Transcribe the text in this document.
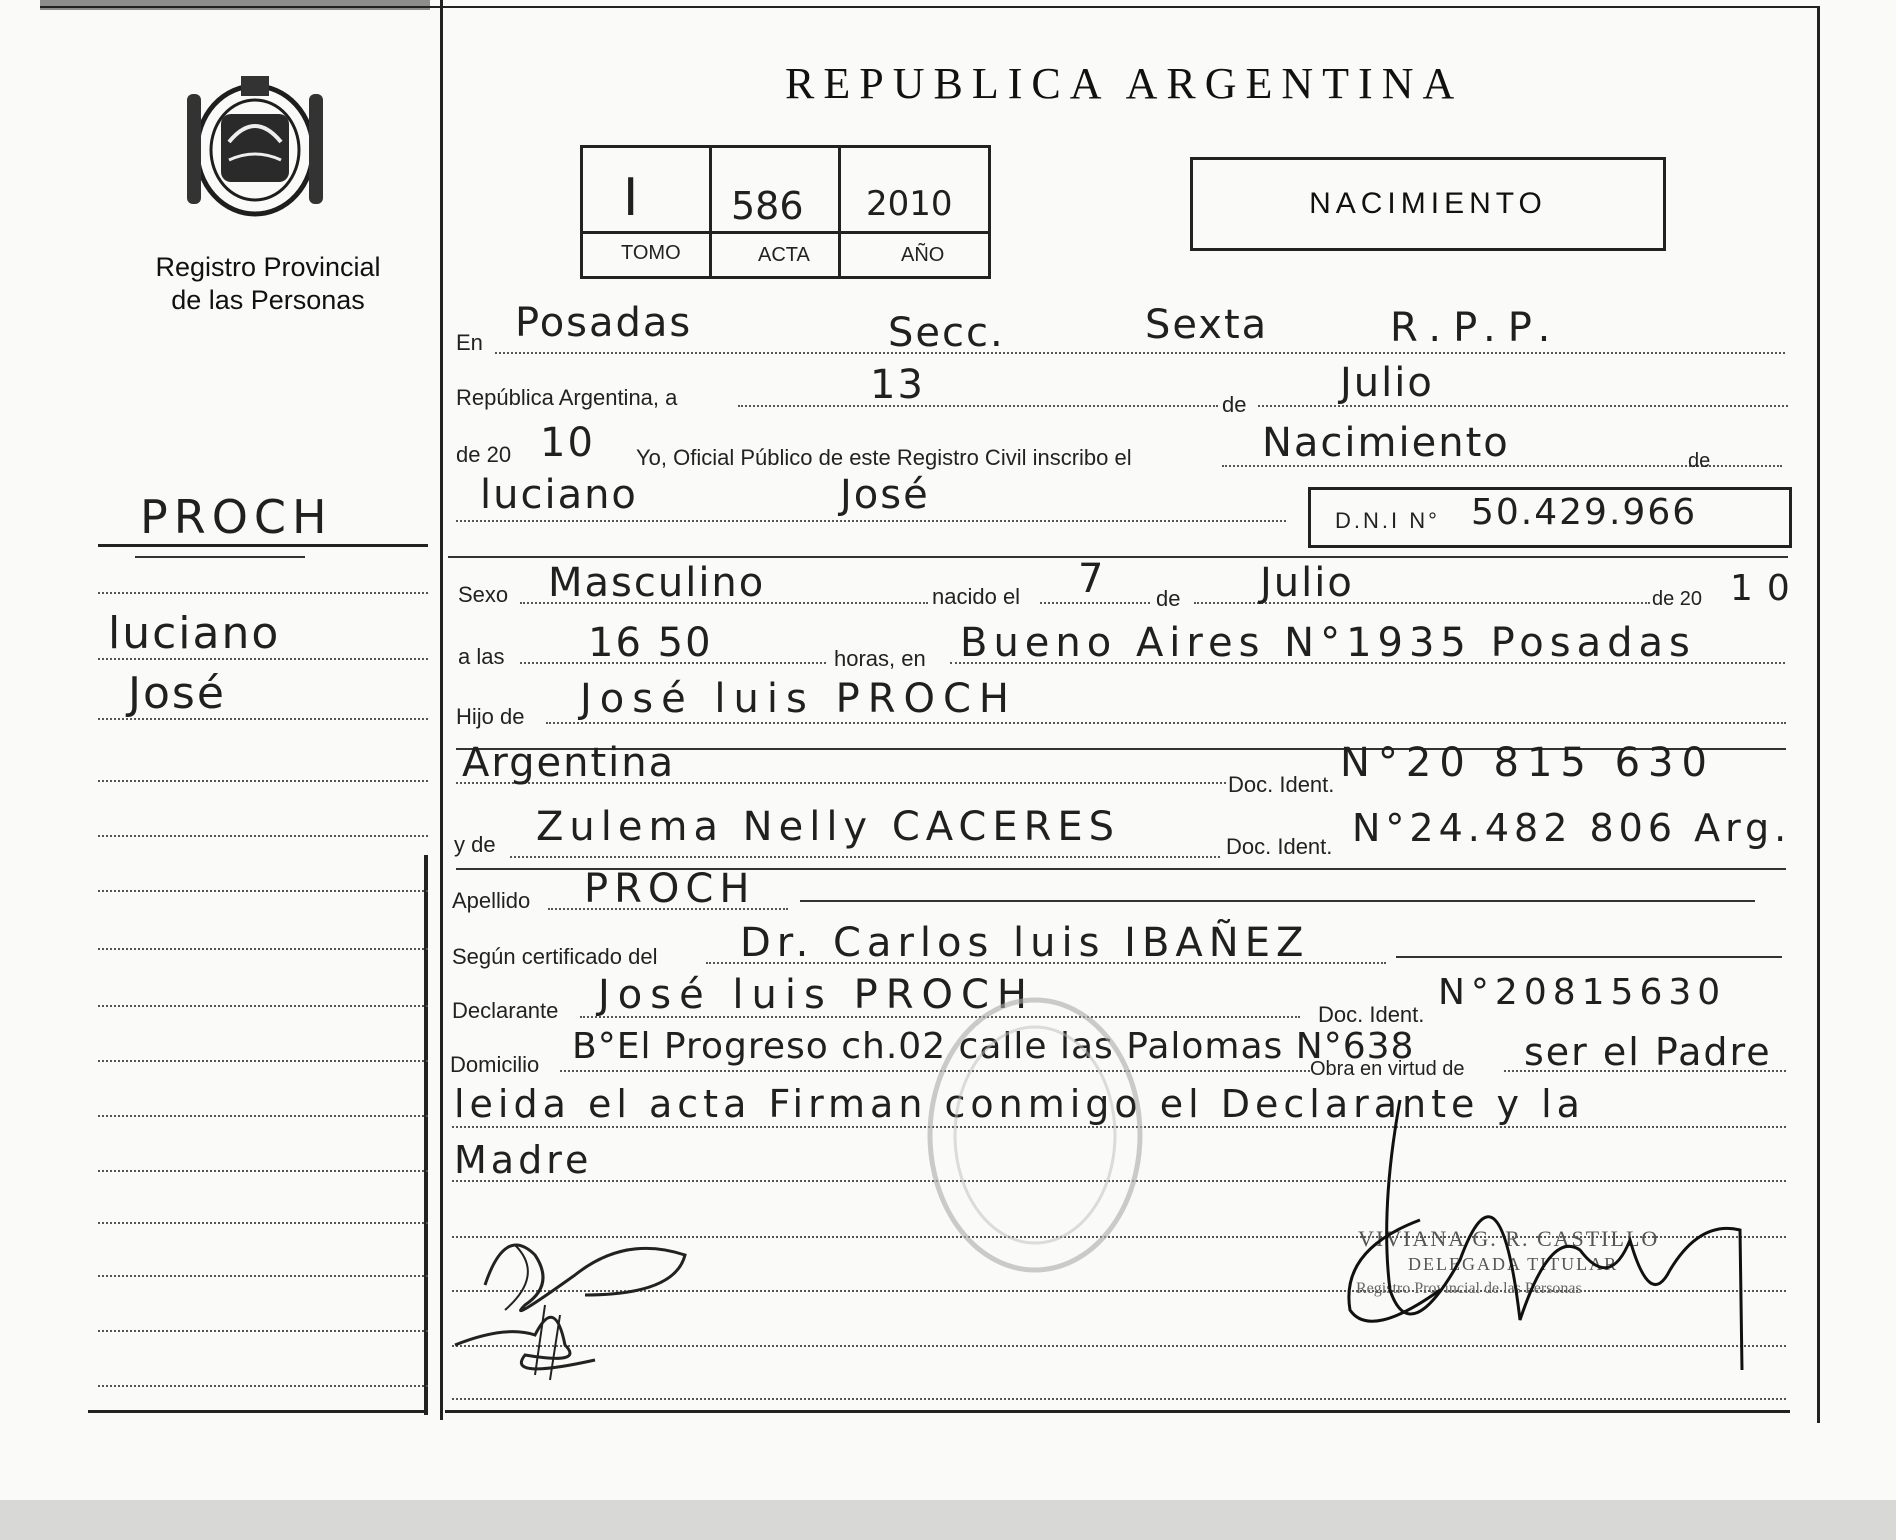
Registro Provincial
de las Personas
REPUBLICA ARGENTINA
I 586 2010
TOMO	ACTA	AÑO
NACIMIENTO
PROCH
luciano
José
En Posadas	Secc.	Sexta	R.P.P.
República Argentina, a	13	de Julio
de 20 10 Yo, Oficial Público de este Registro Civil inscribo el	Nacimiento	de
luciano	José
D.N.I N° 50.429.966
Sexo Masculino	nacido el 7 de Julio	de 20 10
a las 16 50	horas, en Bueno Aires N°1935 Posadas
Hijo de José luis PROCH
Argentina	Doc. Ident. N°20 815 630
y de Zulema Nelly CACERES	Doc. Ident. N°24.482 806 Arg.
Apellido PROCH
Según certificado del Dr. Carlos luis IBAÑEZ
Declarante José luis PROCH	Doc. Ident.
N°20815630
Domicilio B°El Progreso ch.02 calle las Palomas N°638
Obra en virtud de ser el Padre
leida el acta Firman conmigo el Declarante y la
Madre
VIVIANA G. R. CASTILLO
DELEGADA TITULAR
Registro Provincial de las Personas
